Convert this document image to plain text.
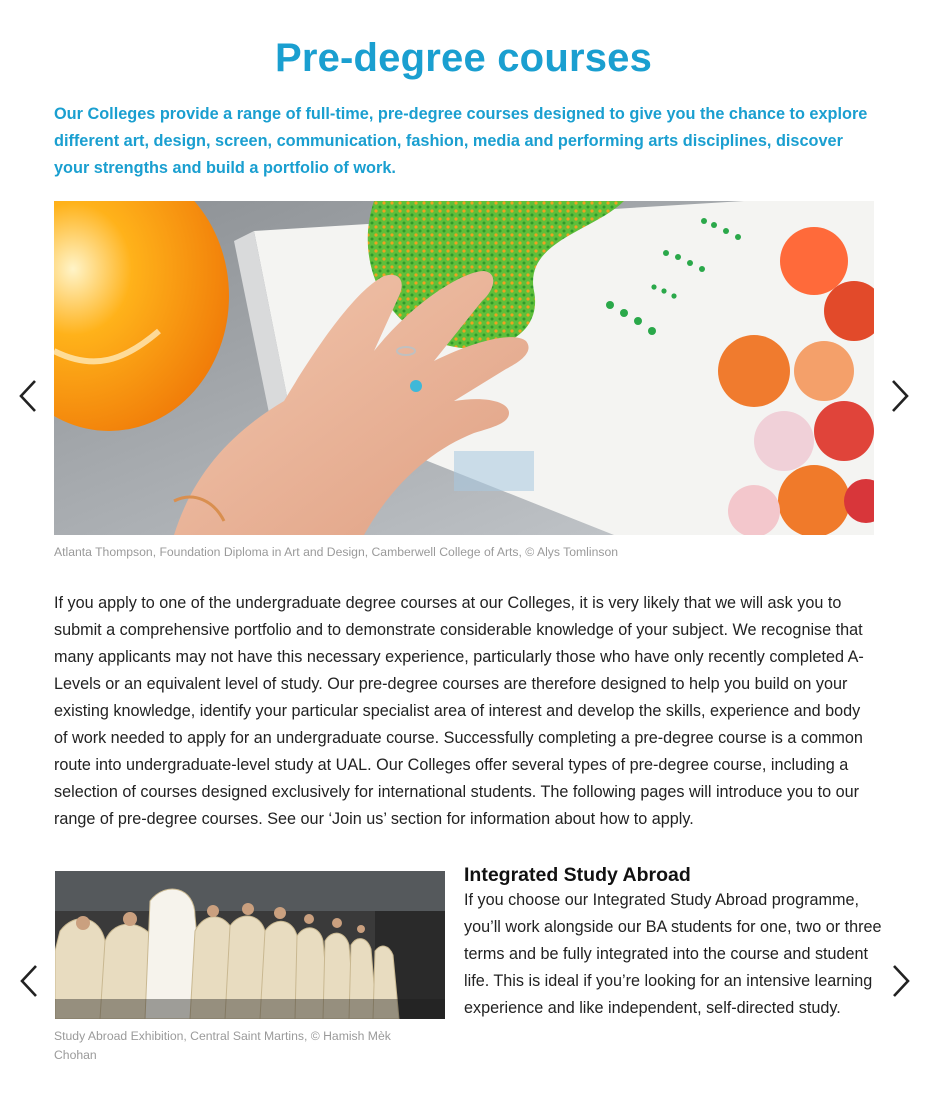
Pre-degree courses

Our Colleges provide a range of full-time, pre-degree courses designed to give you the chance to explore different art, design, screen, communication, fashion, media and performing arts disciplines, discover your strengths and build a portfolio of work.

Atlanta Thompson, Foundation Diploma in Art and Design, Camberwell College of Arts, © Alys Tomlinson

If you apply to one of the undergraduate degree courses at our Colleges, it is very likely that we will ask you to submit a comprehensive portfolio and to demonstrate considerable knowledge of your subject. We recognise that many applicants may not have this necessary experience, particularly those who have only recently completed A-Levels or an equivalent level of study. Our pre-degree courses are therefore designed to help you build on your existing knowledge, identify your particular specialist area of interest and develop the skills, experience and body of work needed to apply for an undergraduate course. Successfully completing a pre-degree course is a common route into undergraduate-level study at UAL. Our Colleges offer several types of pre-degree course, including a selection of courses designed exclusively for international students. The following pages will introduce you to our range of pre-degree courses. See our ‘Join us’ section for information about how to apply.

Study Abroad Exhibition, Central Saint Martins, © Hamish Mèk Chohan

Integrated Study Abroad

If you choose our Integrated Study Abroad programme, you’ll work alongside our BA students for one, two or three terms and be fully integrated into the course and student life. This is ideal if you’re looking for an intensive learning experience and like independent, self-directed study.
